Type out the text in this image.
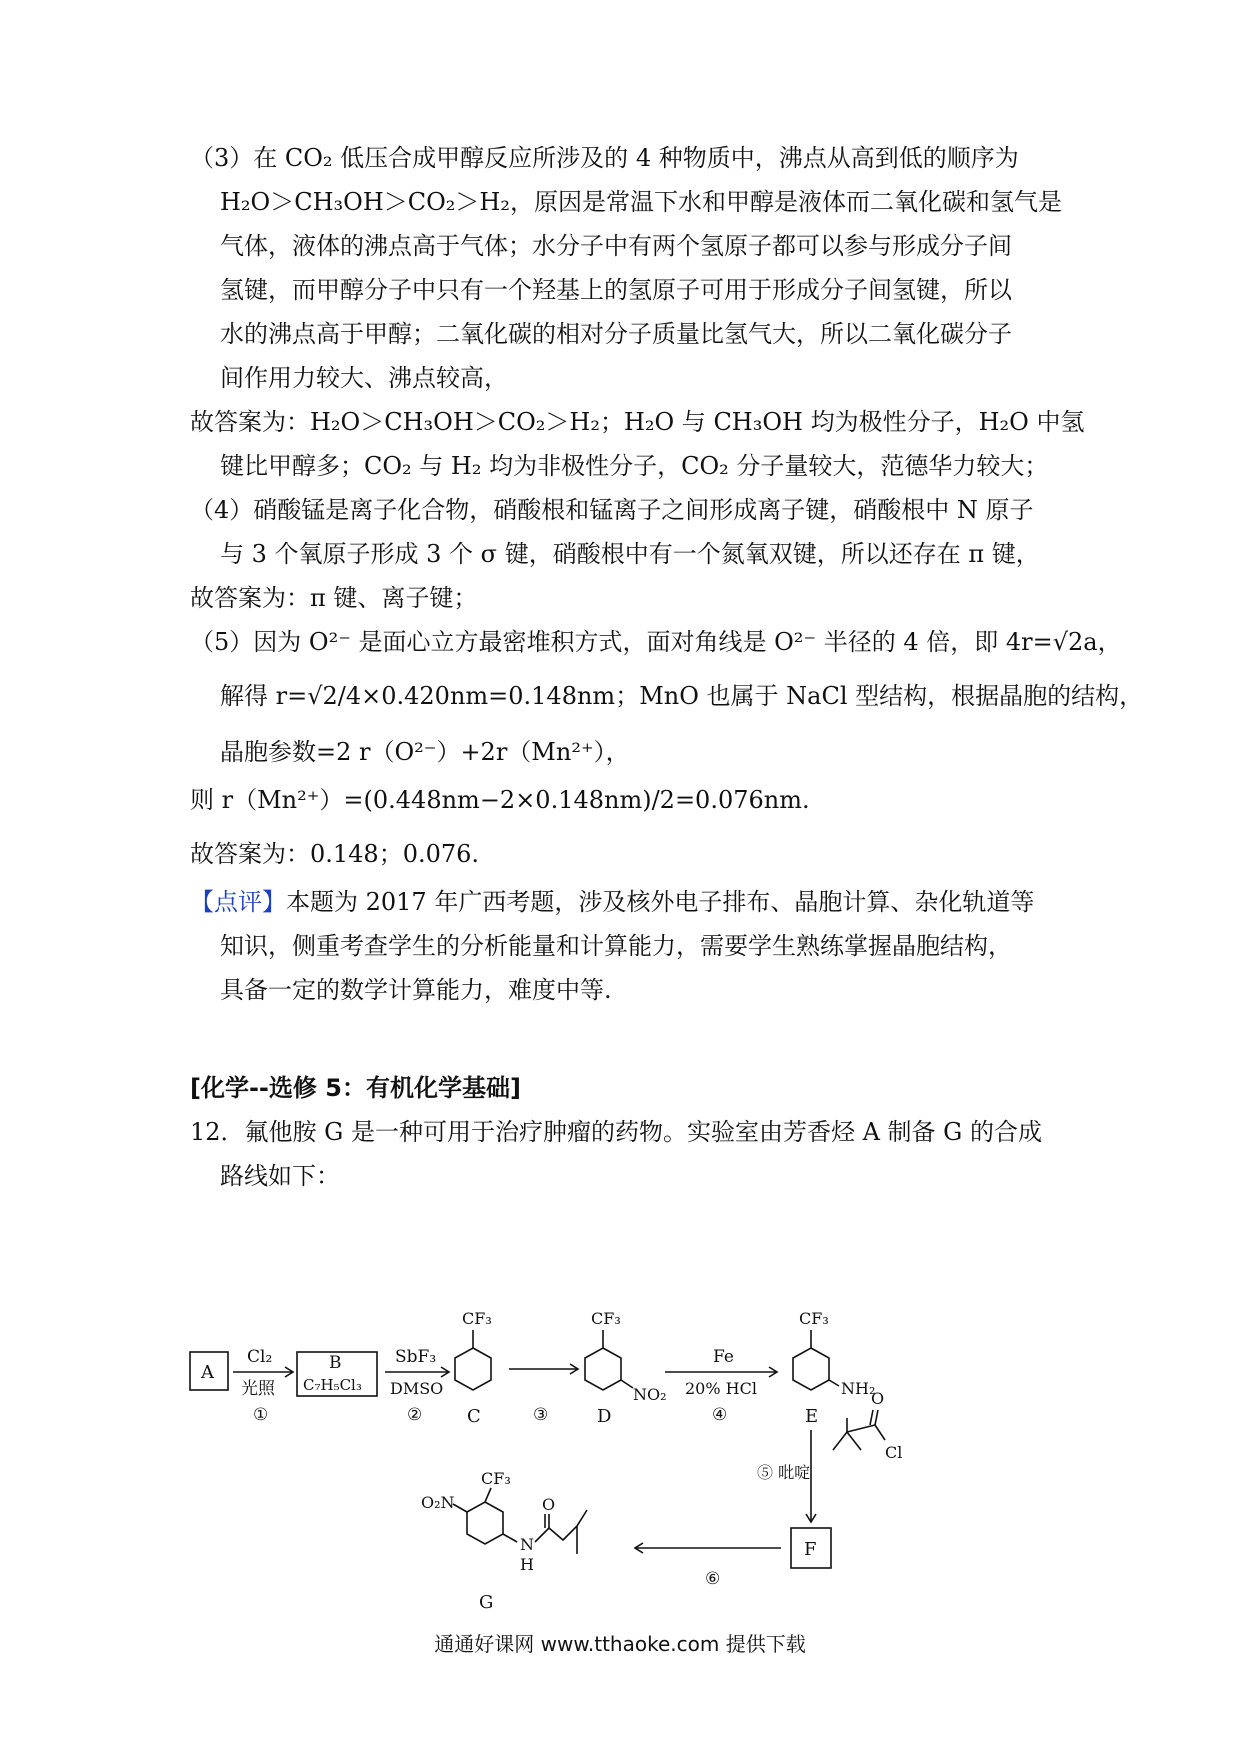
（3）在 CO₂ 低压合成甲醇反应所涉及的 4 种物质中，沸点从高到低的顺序为
H₂O＞CH₃OH＞CO₂＞H₂，原因是常温下水和甲醇是液体而二氧化碳和氢气是
气体，液体的沸点高于气体；水分子中有两个氢原子都可以参与形成分子间
氢键，而甲醇分子中只有一个羟基上的氢原子可用于形成分子间氢键，所以
水的沸点高于甲醇；二氧化碳的相对分子质量比氢气大，所以二氧化碳分子
间作用力较大、沸点较高，
故答案为：H₂O＞CH₃OH＞CO₂＞H₂；H₂O 与 CH₃OH 均为极性分子，H₂O 中氢
键比甲醇多；CO₂ 与 H₂ 均为非极性分子，CO₂ 分子量较大，范德华力较大；
（4）硝酸锰是离子化合物，硝酸根和锰离子之间形成离子键，硝酸根中 N 原子
与 3 个氧原子形成 3 个 σ 键，硝酸根中有一个氮氧双键，所以还存在 π 键，
故答案为：π 键、离子键；
（5）因为 O²⁻ 是面心立方最密堆积方式，面对角线是 O²⁻ 半径的 4 倍，即 4r=√2a，
解得 r=√2/4×0.420nm=0.148nm；MnO 也属于 NaCl 型结构，根据晶胞的结构，
晶胞参数=2 r（O²⁻）+2r（Mn²⁺），
则 r（Mn²⁺）=(0.448nm−2×0.148nm)/2=0.076nm.
故答案为：0.148；0.076.
【点评】本题为 2017 年广西考题，涉及核外电子排布、晶胞计算、杂化轨道等
知识，侧重考查学生的分析能量和计算能力，需要学生熟练掌握晶胞结构，
具备一定的数学计算能力，难度中等.
[化学--选修 5：有机化学基础]
12．氟他胺 G 是一种可用于治疗肿瘤的药物。实验室由芳香烃 A 制备 G 的合成
路线如下：
A
Cl₂
光照
①
B
C₇H₅Cl₃
SbF₃
DMSO
②
CF₃
C	③
CF₃
NO₂
D
Fe
20% HCl
④
CF₃
NH₂
E
⑤ 吡啶
O
Cl
F
⑥
CF₃
O₂N
N
H
O
G
通通好课网 www.tthaoke.com 提供下载
